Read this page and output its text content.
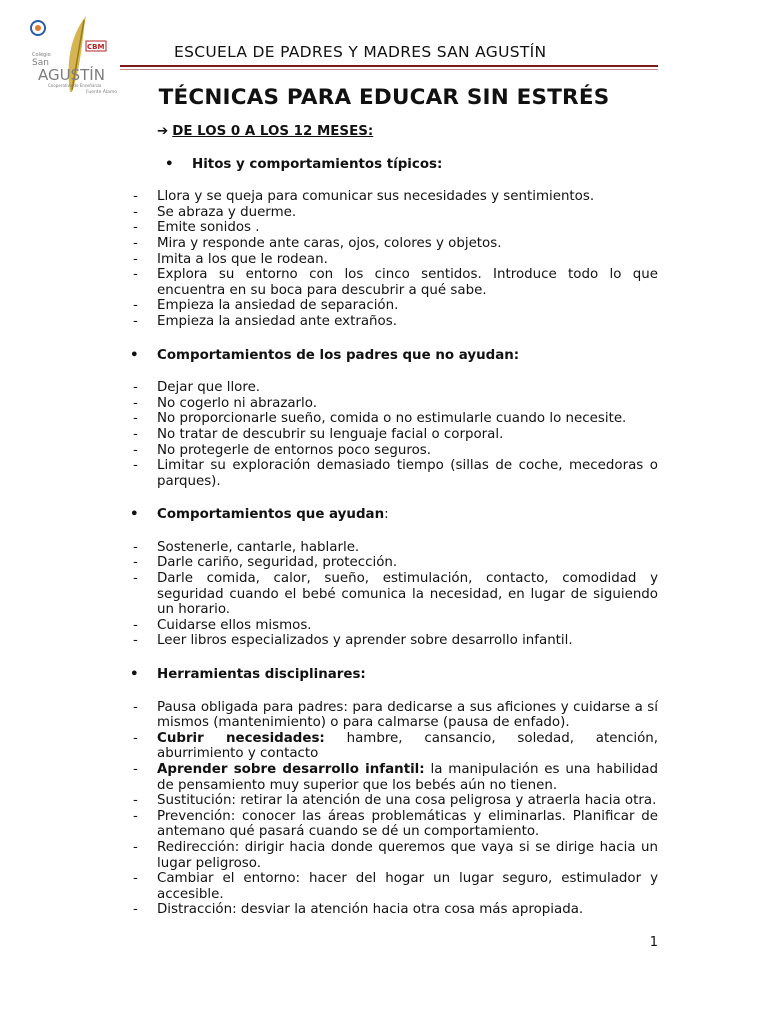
CBM
Colegio
San
AGUSTÍN
Cooperativa de Enseñanza
Fuente Álamo
ESCUELA DE PADRES Y MADRES SAN AGUSTÍN
TÉCNICAS PARA EDUCAR SIN ESTRÉS
➔ DE LOS 0 A LOS 12 MESES:
• Hitos y comportamientos típicos:
- Llora y se queja para comunicar sus necesidades y sentimientos.
- Se abraza y duerme.
- Emite sonidos .
- Mira y responde ante caras, ojos, colores y objetos.
- Imita a los que le rodean.
- Explora su entorno con los cinco sentidos. Introduce todo lo que encuentra en su boca para descubrir a qué sabe.
- Empieza la ansiedad de separación.
- Empieza la ansiedad ante extraños.
• Comportamientos de los padres que no ayudan:
- Dejar que llore.
- No cogerlo ni abrazarlo.
- No proporcionarle sueño, comida o no estimularle cuando lo necesite.
- No tratar de descubrir su lenguaje facial o corporal.
- No protegerle de entornos poco seguros.
- Limitar su exploración demasiado tiempo (sillas de coche, mecedoras o parques).
• Comportamientos que ayudan:
- Sostenerle, cantarle, hablarle.
- Darle cariño, seguridad, protección.
- Darle comida, calor, sueño, estimulación, contacto, comodidad y seguridad cuando el bebé comunica la necesidad, en lugar de siguiendo un horario.
- Cuidarse ellos mismos.
- Leer libros especializados y aprender sobre desarrollo infantil.
• Herramientas disciplinares:
- Pausa obligada para padres: para dedicarse a sus aficiones y cuidarse a sí mismos (mantenimiento) o para calmarse (pausa de enfado).
- Cubrir necesidades: hambre, cansancio, soledad, atención, aburrimiento y contacto
- Aprender sobre desarrollo infantil: la manipulación es una habilidad de pensamiento muy superior que los bebés aún no tienen.
- Sustitución: retirar la atención de una cosa peligrosa y atraerla hacia otra.
- Prevención: conocer las áreas problemáticas y eliminarlas. Planificar de antemano qué pasará cuando se dé un comportamiento.
- Redirección: dirigir hacia donde queremos que vaya si se dirige hacia un lugar peligroso.
- Cambiar el entorno: hacer del hogar un lugar seguro, estimulador y accesible.
- Distracción: desviar la atención hacia otra cosa más apropiada.
1
